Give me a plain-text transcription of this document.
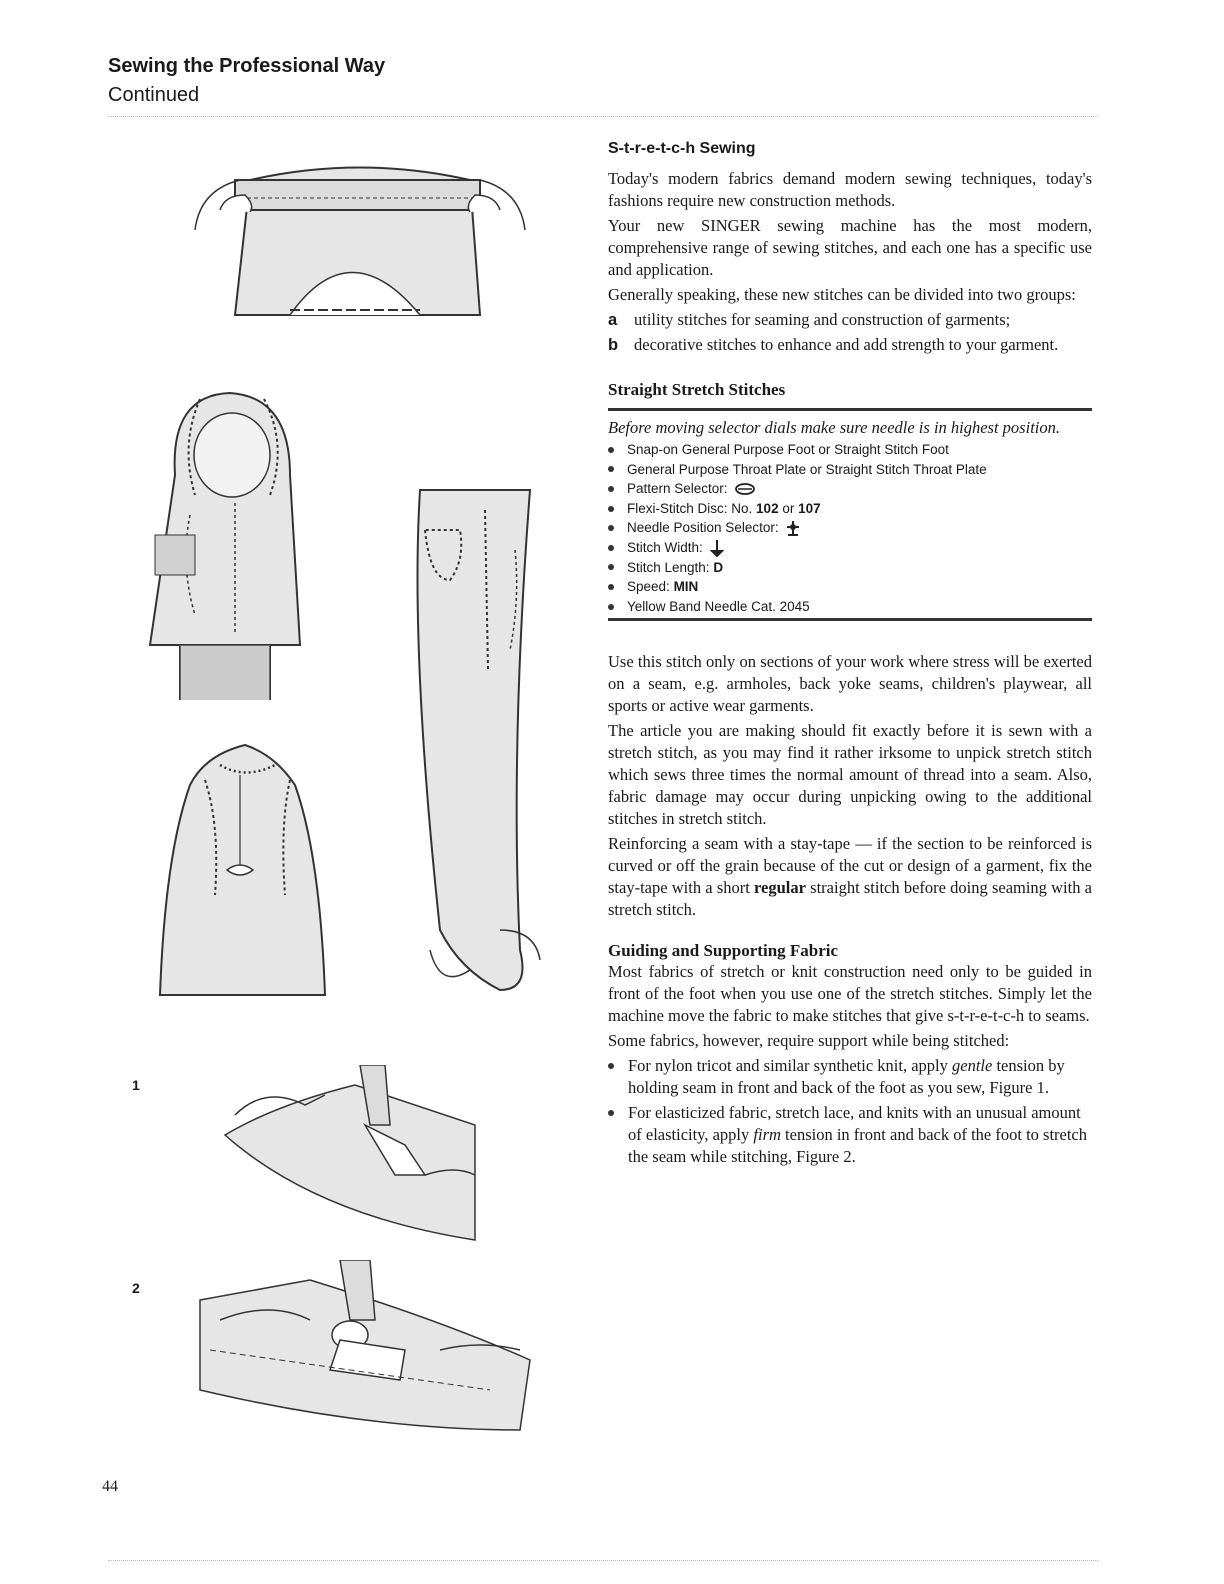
Sewing the Professional Way
Continued
1
2
S-t-r-e-t-c-h Sewing

Today's modern fabrics demand modern sewing techniques, today's fashions require new construction methods.

Your new SINGER sewing machine has the most modern, comprehensive range of sewing stitches, and each one has a specific use and application.

Generally speaking, these new stitches can be divided into two groups:

a	utility stitches for seaming and construction of garments;
b decorative stitches to enhance and add strength to your garment.
Straight Stretch Stitches

Before moving selector dials make sure needle is in highest position.

Snap-on General Purpose Foot or Straight Stitch Foot
General Purpose Throat Plate or Straight Stitch Throat Plate
Pattern Selector:
Flexi-Stitch Disc: No.
102
or
107
Needle Position Selector:
Stitch Width:
Stitch Length:
D
Speed:
MIN
Yellow Band Needle Cat. 2045

Use this stitch only on sections of your work where stress will be exerted on a seam, e.g. armholes, back yoke seams, children's playwear, all sports or active wear garments.

The article you are making should fit exactly before it is sewn with a stretch stitch, as you may find it rather irksome to unpick stretch stitch which sews three times the normal amount of thread into a seam. Also, fabric damage may occur during unpicking owing to the additional stitches in stretch stitch.

Reinforcing a seam with a stay-tape — if the section to be reinforced is curved or off the grain because of the cut or design of a garment, fix the stay-tape with a short regular straight stitch before doing seaming with a stretch stitch.

Guiding and Supporting Fabric

Most fabrics of stretch or knit construction need only to be guided in front of the foot when you use one of the stretch stitches. Simply let the machine move the fabric to make stitches that give s-t-r-e-t-c-h to seams.

Some fabrics, however, require support while being stitched:

For nylon tricot and similar synthetic knit, apply gentle tension by holding seam in front and back of the foot as you sew, Figure 1.
For elasticized fabric, stretch lace, and knits with an unusual amount of elasticity, apply firm tension in front and back of the foot to stretch the seam while stitching, Figure 2.
44
